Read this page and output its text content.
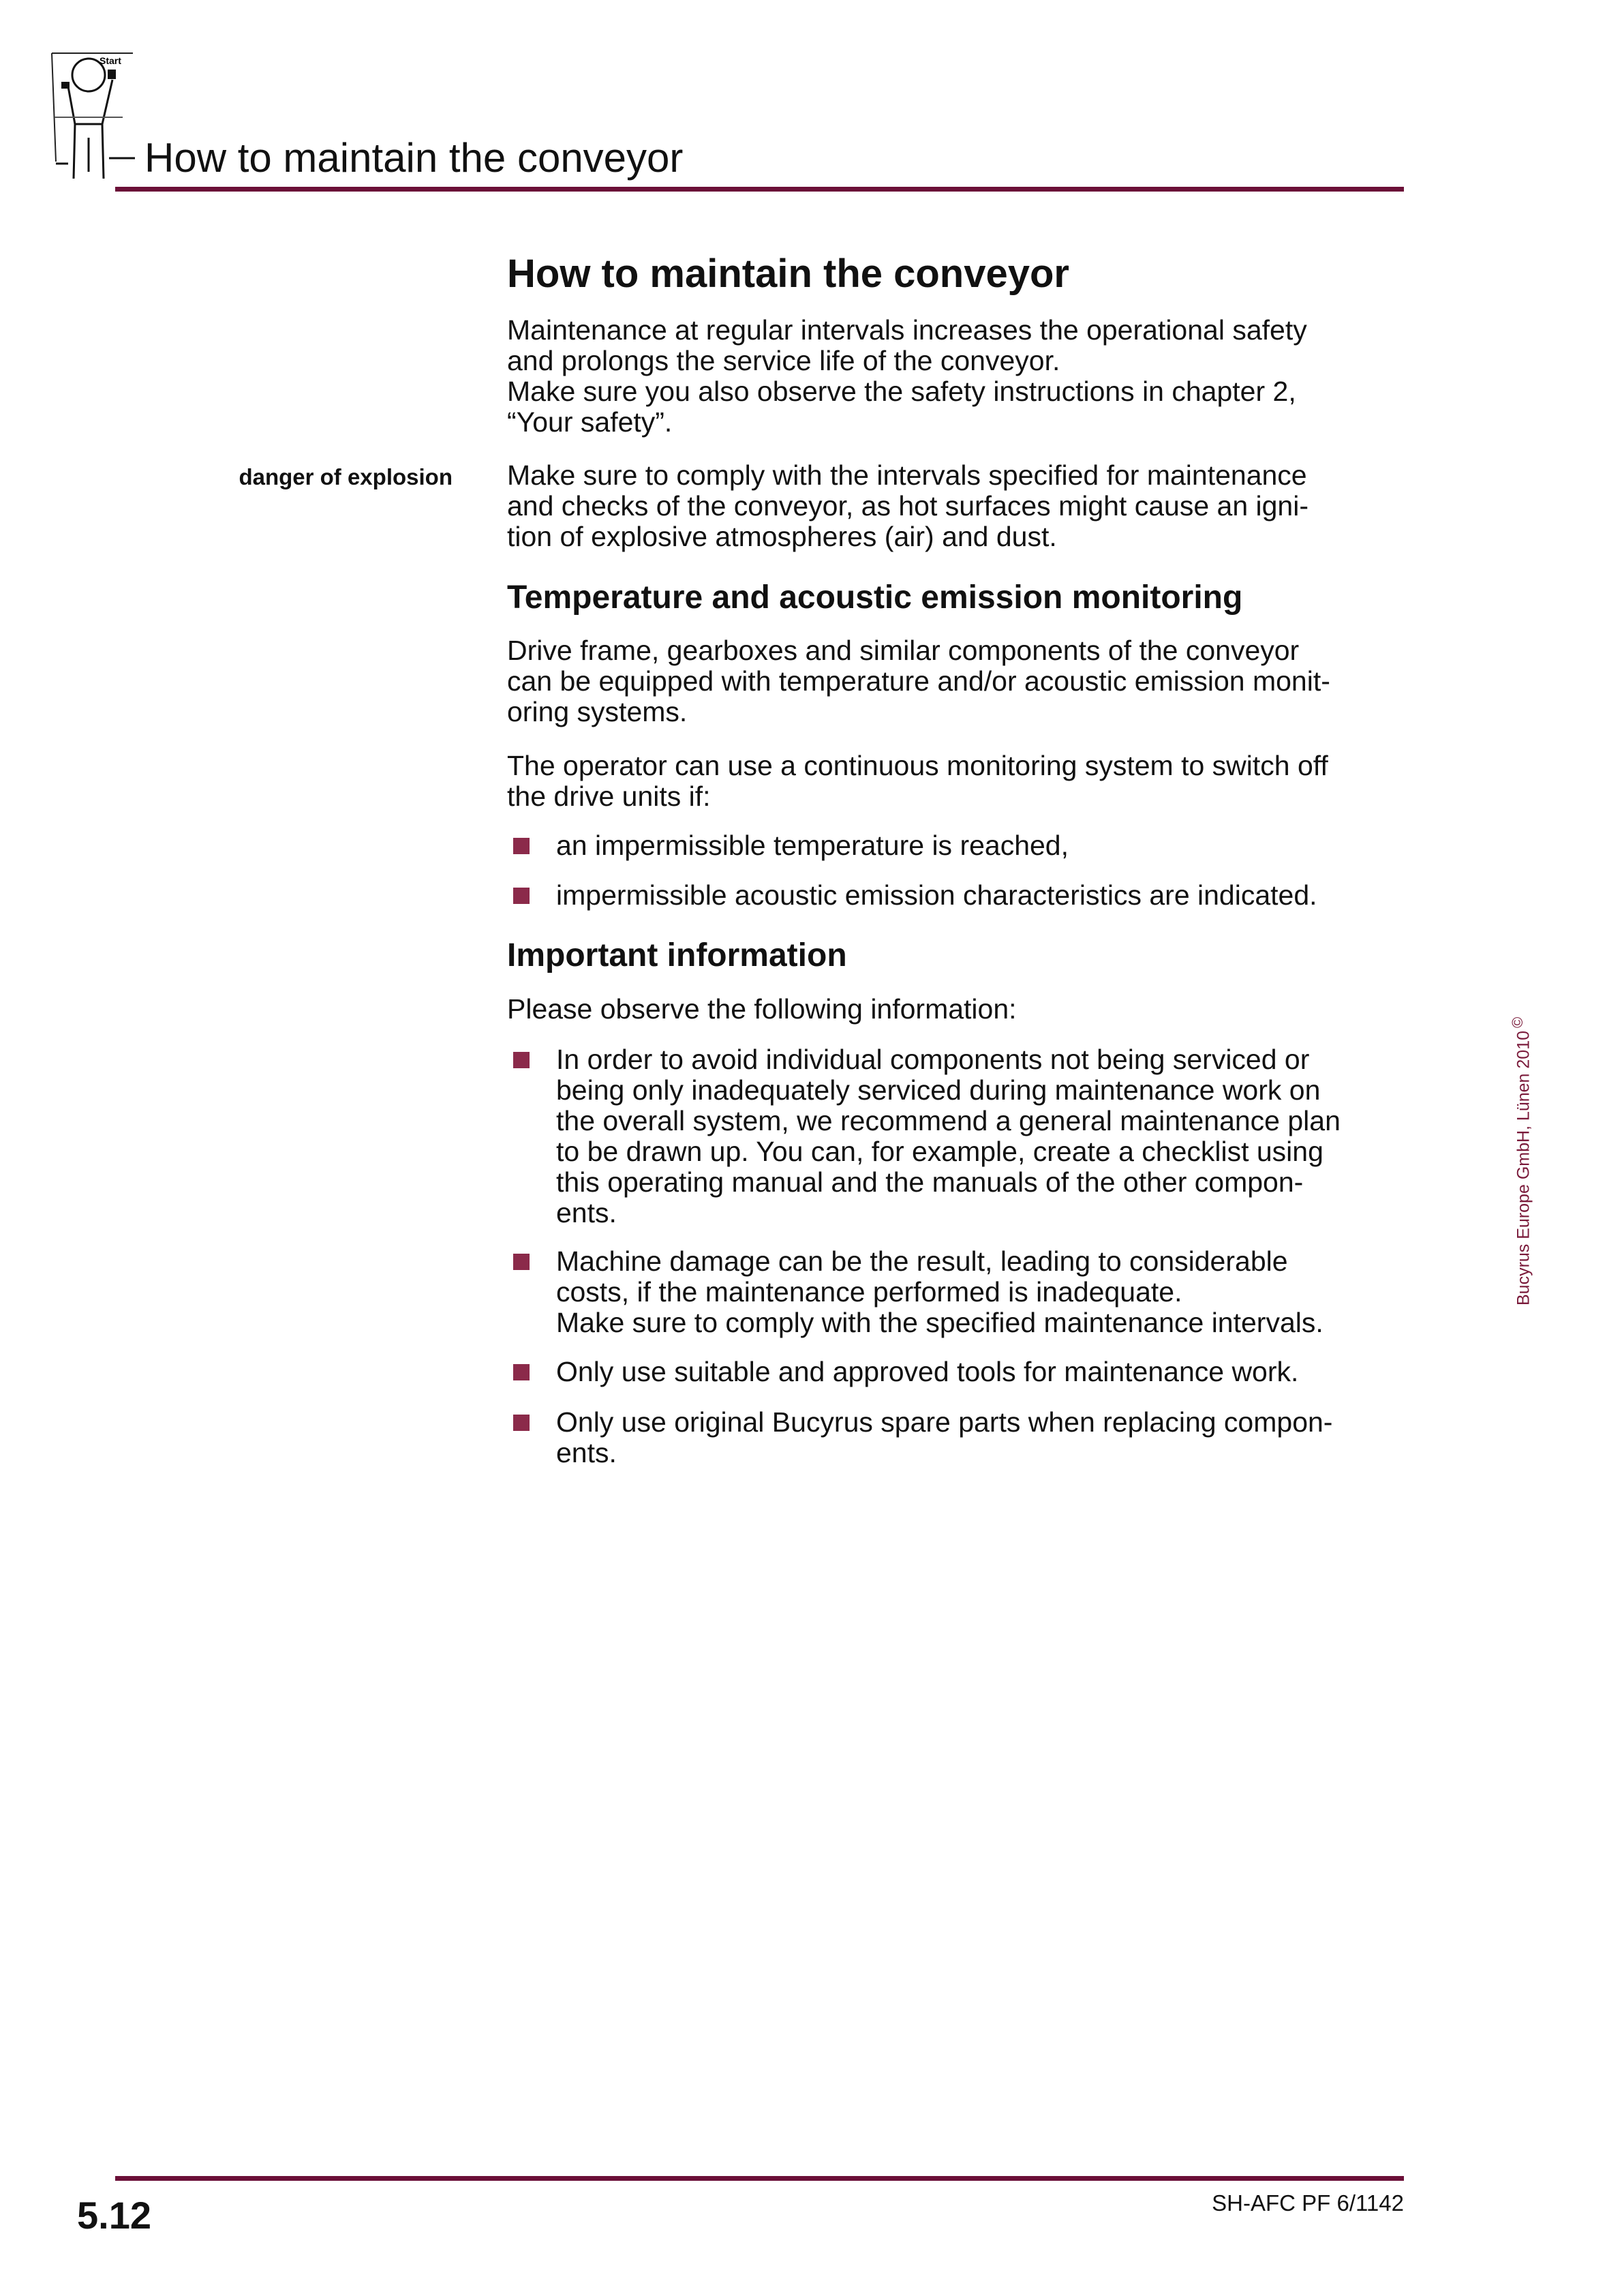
Start
How to maintain the conveyor
How to maintain the conveyor
Maintenance at regular intervals increases the operational safety
and prolongs the service life of the conveyor.
Make sure you also observe the safety instructions in chapter 2,
“Your safety”.
danger of explosion Make sure to comply with the intervals specified for maintenance
and checks of the conveyor, as hot surfaces might cause an igni-
tion of explosive atmospheres (air) and dust.
Temperature and acoustic emission monitoring
Drive frame, gearboxes and similar components of the conveyor
can be equipped with temperature and/or acoustic emission monit-
oring systems.
The operator can use a continuous monitoring system to switch off
the drive units if:
an impermissible temperature is reached,
impermissible acoustic emission characteristics are indicated.
Important information
Please observe the following information:
In order to avoid individual components not being serviced or
being only inadequately serviced during maintenance work on
the overall system, we recommend a general maintenance plan
to be drawn up. You can, for example, create a checklist using
this operating manual and the manuals of the other compon-
ents.
Machine damage can be the result, leading to considerable
costs, if the maintenance performed is inadequate.
Make sure to comply with the specified maintenance intervals.
Only use suitable and approved tools for maintenance work.
Only use original Bucyrus spare parts when replacing compon-
ents.
Bucyrus Europe GmbH, Lünen 2010©
5.12	SH-AFC PF 6/1142
